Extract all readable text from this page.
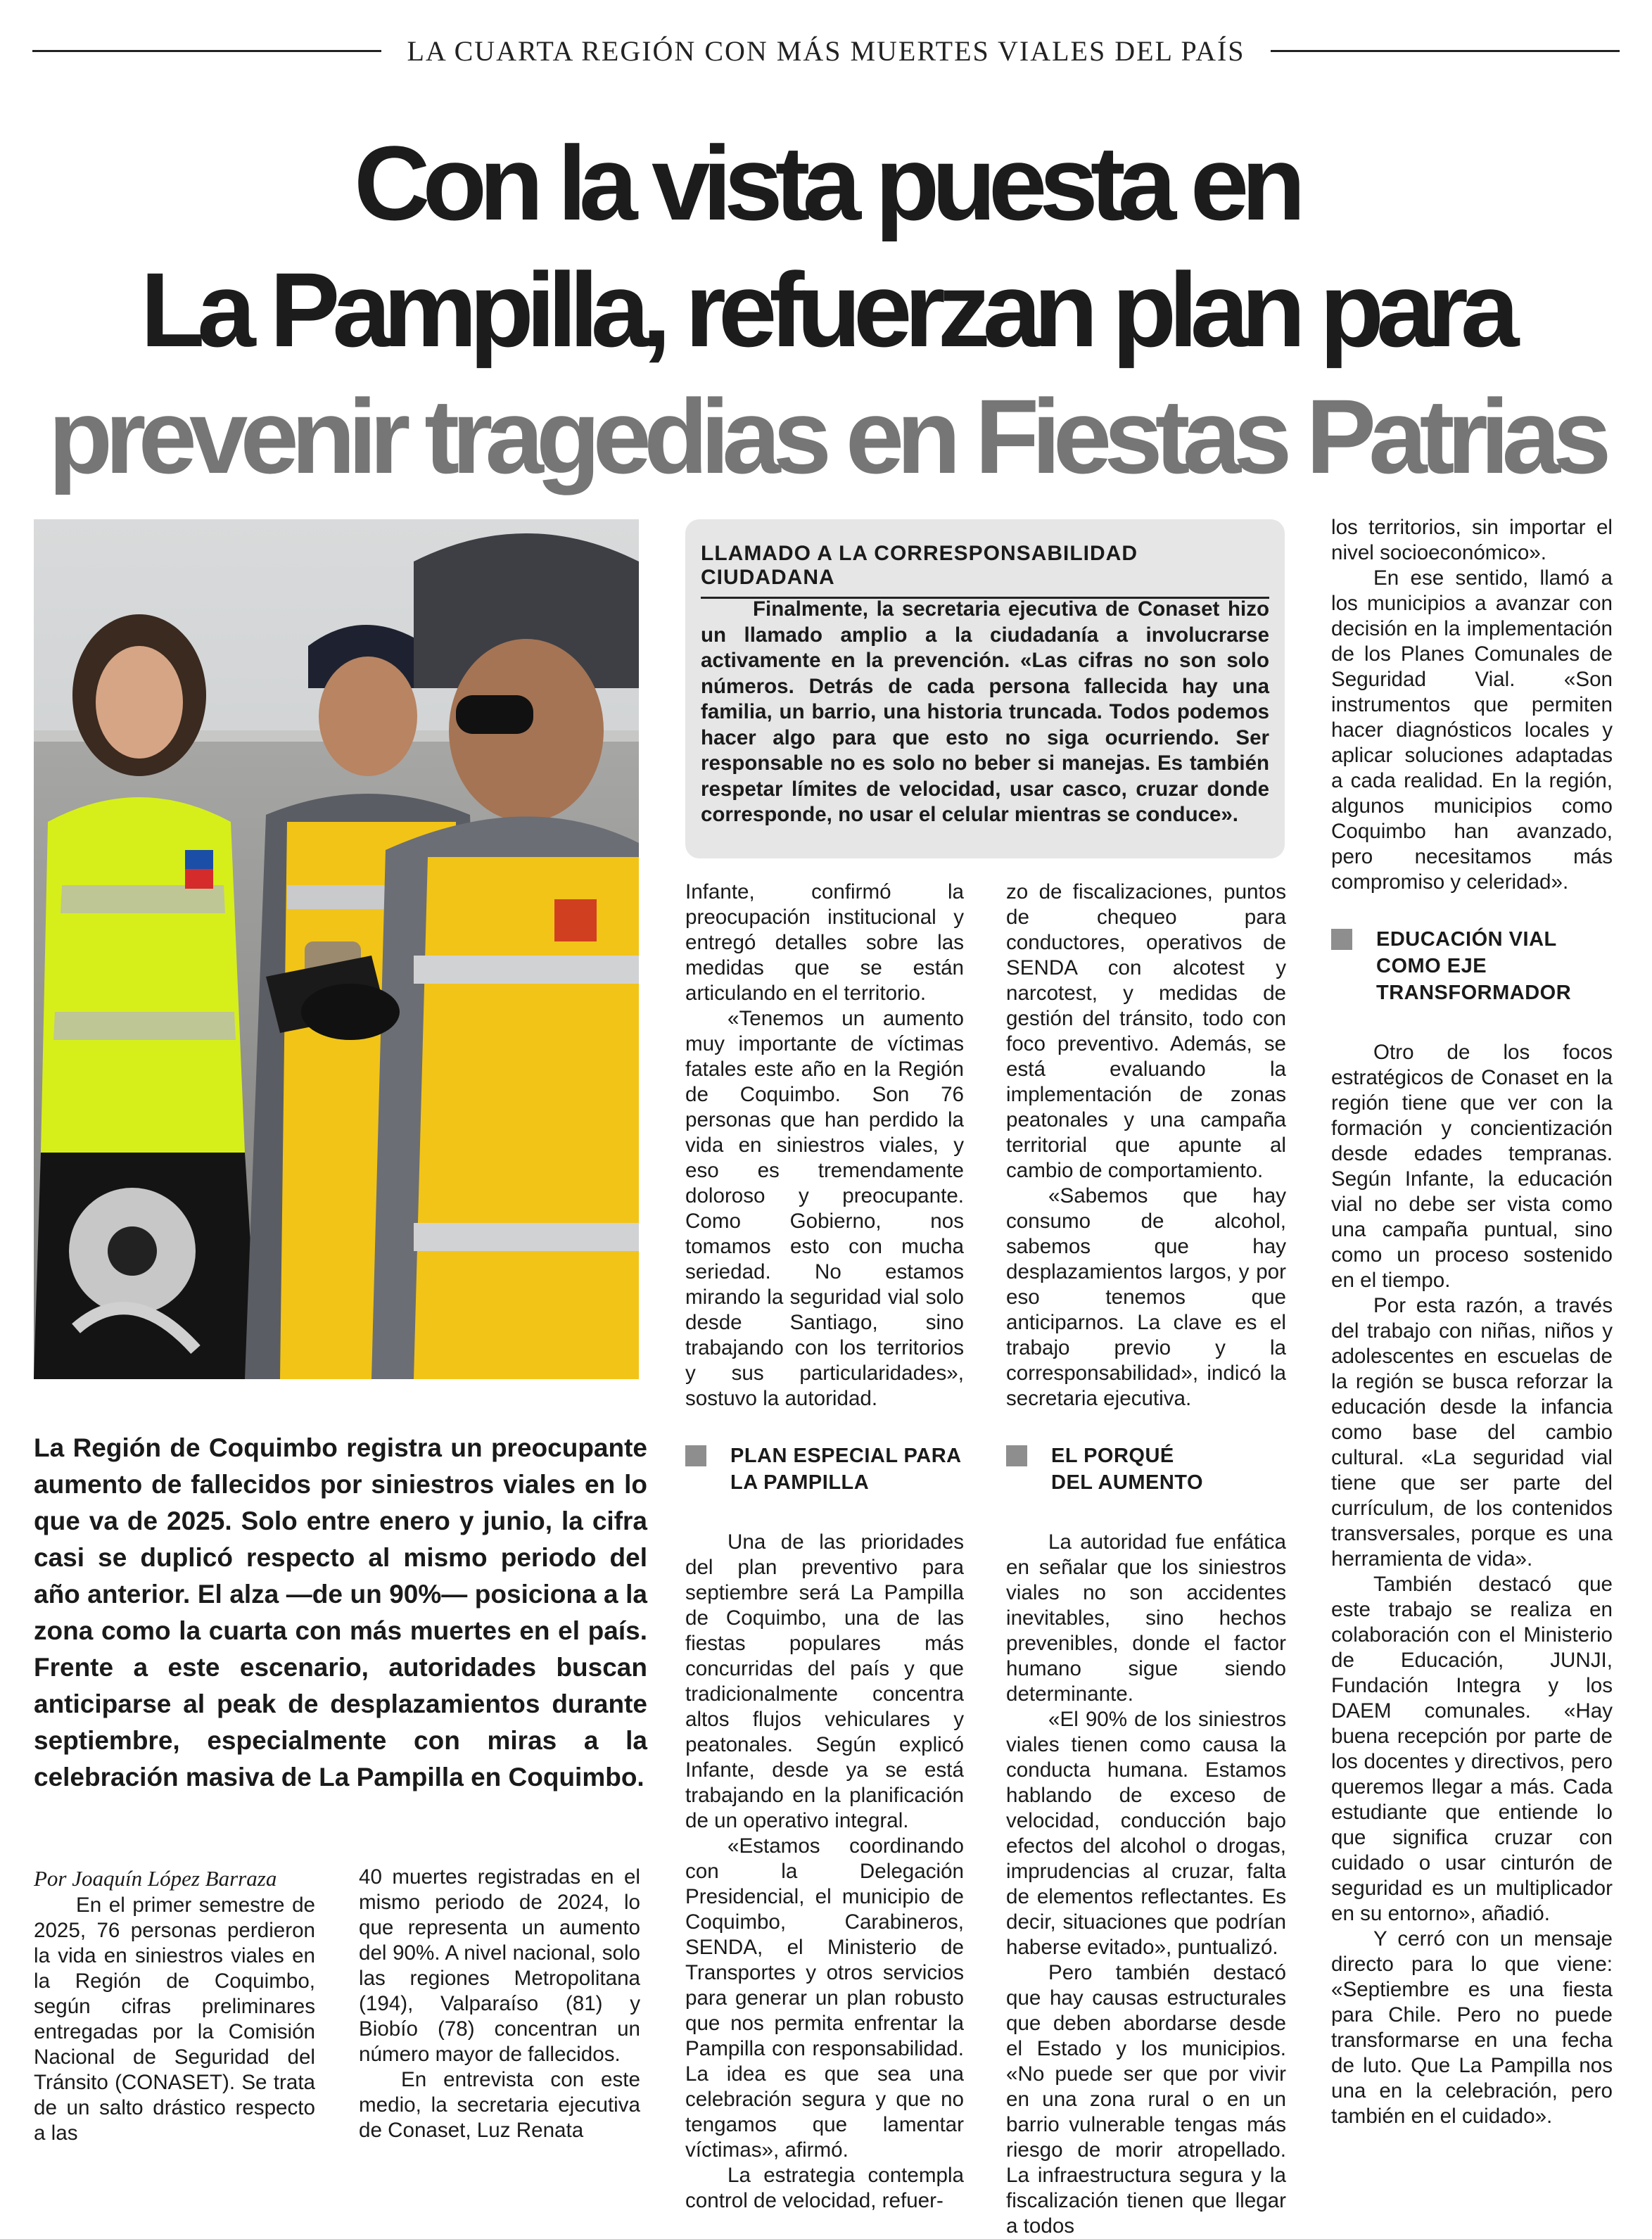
LA CUARTA REGIÓN CON MÁS MUERTES VIALES DEL PAÍS
Con la vista puesta en
La Pampilla, refuerzan plan para
prevenir tragedias en Fiestas Patrias
La Región de Coquimbo registra un preocupante aumento de fallecidos por siniestros viales en lo que va de 2025. Solo entre enero y junio, la cifra casi se duplicó respecto al mismo periodo del año anterior. El alza —de un 90%— posiciona a la zona como la cuarta con más muertes en el país. Frente a este escenario, autoridades buscan anticiparse al peak de desplazamientos durante septiembre, especialmente con miras a la celebración masiva de La Pampilla en Coquimbo.
LLAMADO A LA CORRESPONSABILIDAD CIUDADANA
Finalmente, la secretaria ejecutiva de Conaset hizo un llamado amplio a la ciudadanía a involucrarse activamente en la prevención. «Las cifras no son solo números. Detrás de cada persona fallecida hay una familia, un barrio, una historia truncada. Todos podemos hacer algo para que esto no siga ocurriendo. Ser responsable no es solo no beber si manejas. Es también respetar límites de velocidad, usar casco, cruzar donde corresponde, no usar el celular mientras se conduce».

Por Joaquín López Barraza

En el primer semestre de 2025, 76 personas perdieron la vida en siniestros viales en la Región de Coquimbo, según cifras preliminares entregadas por la Comisión Nacional de Seguridad del Tránsito (CONASET). Se trata de un salto drástico respecto a las

40 muertes registradas en el mismo periodo de 2024, lo que representa un aumento del 90%. A nivel nacional, solo las regiones Metropolitana (194), Valparaíso (81) y Biobío (78) concentran un número mayor de fallecidos.

En entrevista con este medio, la secretaria ejecutiva de Conaset, Luz Renata

Infante, confirmó la preocupación institucional y entregó detalles sobre las medidas que se están articulando en el territorio.

«Tenemos un aumento muy importante de víctimas fatales este año en la Región de Coquimbo. Son 76 personas que han perdido la vida en siniestros viales, y eso es tremendamente doloroso y preocupante. Como Gobierno, nos tomamos esto con mucha seriedad. No estamos mirando la seguridad vial solo desde Santiago, sino trabajando con los territorios y sus particularidades», sostuvo la autoridad.

PLAN ESPECIAL PARA
LA PAMPILLA

Una de las prioridades del plan preventivo para septiembre será La Pampilla de Coquimbo, una de las fiestas populares más concurridas del país y que tradicionalmente concentra altos flujos vehiculares y peatonales. Según explicó Infante, desde ya se está trabajando en la planificación de un operativo integral.

«Estamos coordinando con la Delegación Presidencial, el municipio de Coquimbo, Carabineros, SENDA, el Ministerio de Transportes y otros servicios para generar un plan robusto que nos permita enfrentar la Pampilla con responsabilidad. La idea es que sea una celebración segura y que no tengamos que lamentar víctimas», afirmó.

La estrategia contempla control de velocidad, refuer-

zo de fiscalizaciones, puntos de chequeo para conductores, operativos de SENDA con alcotest y narcotest, y medidas de gestión del tránsito, todo con foco preventivo. Además, se está evaluando la implementación de zonas peatonales y una campaña territorial que apunte al cambio de comportamiento.

«Sabemos que hay consumo de alcohol, sabemos que hay desplazamientos largos, y por eso tenemos que anticiparnos. La clave es el trabajo previo y la corresponsabilidad», indicó la secretaria ejecutiva.

EL PORQUÉ
DEL AUMENTO

La autoridad fue enfática en señalar que los siniestros viales no son accidentes inevitables, sino hechos prevenibles, donde el factor humano sigue siendo determinante.

«El 90% de los siniestros viales tienen como causa la conducta humana. Estamos hablando de exceso de velocidad, conducción bajo efectos del alcohol o drogas, imprudencias al cruzar, falta de elementos reflectantes. Es decir, situaciones que podrían haberse evitado», puntualizó.

Pero también destacó que hay causas estructurales que deben abordarse desde el Estado y los municipios. «No puede ser que por vivir en una zona rural o en un barrio vulnerable tengas más riesgo de morir atropellado. La infraestructura segura y la fiscalización tienen que llegar a todos

los territorios, sin importar el nivel socioeconómico».

En ese sentido, llamó a los municipios a avanzar con decisión en la implementación de los Planes Comunales de Seguridad Vial. «Son instrumentos que permiten hacer diagnósticos locales y aplicar soluciones adaptadas a cada realidad. En la región, algunos municipios como Coquimbo han avanzado, pero necesitamos más compromiso y celeridad».

EDUCACIÓN VIAL
COMO EJE
TRANSFORMADOR

Otro de los focos estratégicos de Conaset en la región tiene que ver con la formación y concientización desde edades tempranas. Según Infante, la educación vial no debe ser vista como una campaña puntual, sino como un proceso sostenido en el tiempo.

Por esta razón, a través del trabajo con niñas, niños y adolescentes en escuelas de la región se busca reforzar la educación desde la infancia como base del cambio cultural. «La seguridad vial tiene que ser parte del currículum, de los contenidos transversales, porque es una herramienta de vida».

También destacó que este trabajo se realiza en colaboración con el Ministerio de Educación, JUNJI, Fundación Integra y los DAEM comunales. «Hay buena recepción por parte de los docentes y directivos, pero queremos llegar a más. Cada estudiante que entiende lo que significa cruzar con cuidado o usar cinturón de seguridad es un multiplicador en su entorno», añadió.

Y cerró con un mensaje directo para lo que viene: «Septiembre es una fiesta para Chile. Pero no puede transformarse en una fecha de luto. Que La Pampilla nos una en la celebración, pero también en el cuidado».
